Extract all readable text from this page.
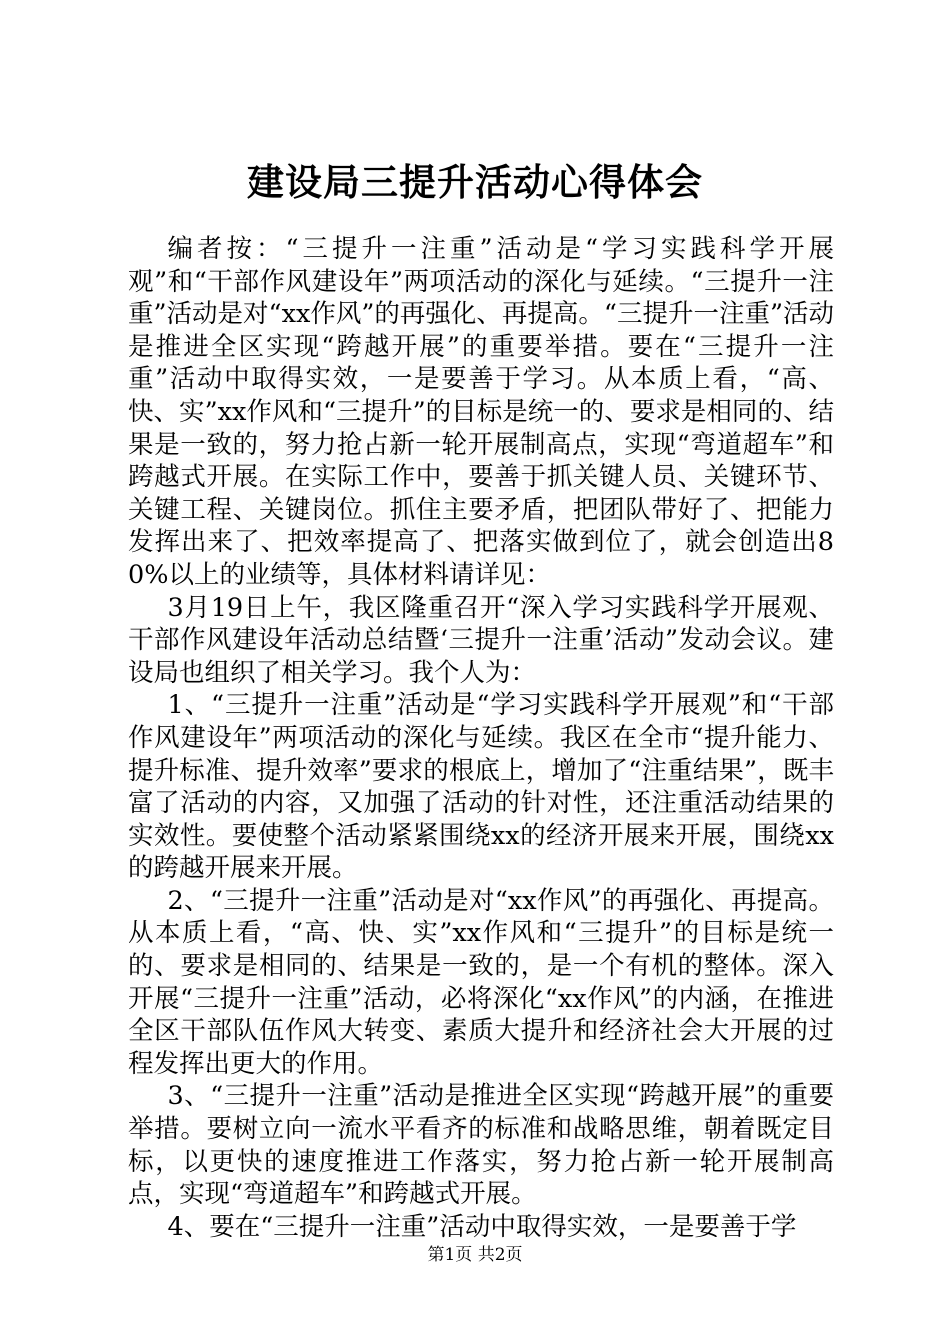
建设局三提升活动心得体会

编者按：“三提升一注重”活动是“学习实践科学开展观”和“干部作风建设年”两项活动的深化与延续。“三提升一注重”活动是对“xx作风”的再强化、再提高。“三提升一注重”活动是推进全区实现“跨越开展”的重要举措。要在“三提升一注重”活动中取得实效，一是要善于学习。从本质上看，“高、快、实”xx作风和“三提升”的目标是统一的、要求是相同的、结果是一致的，努力抢占新一轮开展制高点，实现“弯道超车”和跨越式开展。在实际工作中，要善于抓关键人员、关键环节、关键工程、关键岗位。抓住主要矛盾，把团队带好了、把能力发挥出来了、把效率提高了、把落实做到位了，就会创造出80%以上的业绩等，具体材料请详见：

3月19日上午，我区隆重召开“深入学习实践科学开展观、干部作风建设年活动总结暨‘三提升一注重’活动”发动会议。建设局也组织了相关学习。我个人为：

1、“三提升一注重”活动是“学习实践科学开展观”和“干部作风建设年”两项活动的深化与延续。我区在全市“提升能力、提升标准、提升效率”要求的根底上，增加了“注重结果”，既丰富了活动的内容，又加强了活动的针对性，还注重活动结果的实效性。要使整个活动紧紧围绕xx的经济开展来开展，围绕xx的跨越开展来开展。

2、“三提升一注重”活动是对“xx作风”的再强化、再提高。从本质上看，“高、快、实”xx作风和“三提升”的目标是统一的、要求是相同的、结果是一致的，是一个有机的整体。深入开展“三提升一注重”活动，必将深化“xx作风”的内涵，在推进全区干部队伍作风大转变、素质大提升和经济社会大开展的过程发挥出更大的作用。

3、“三提升一注重”活动是推进全区实现“跨越开展”的重要举措。要树立向一流水平看齐的标准和战略思维，朝着既定目标，以更快的速度推进工作落实，努力抢占新一轮开展制高点，实现“弯道超车”和跨越式开展。

4、要在“三提升一注重”活动中取得实效，一是要善于学

第1页 共2页
